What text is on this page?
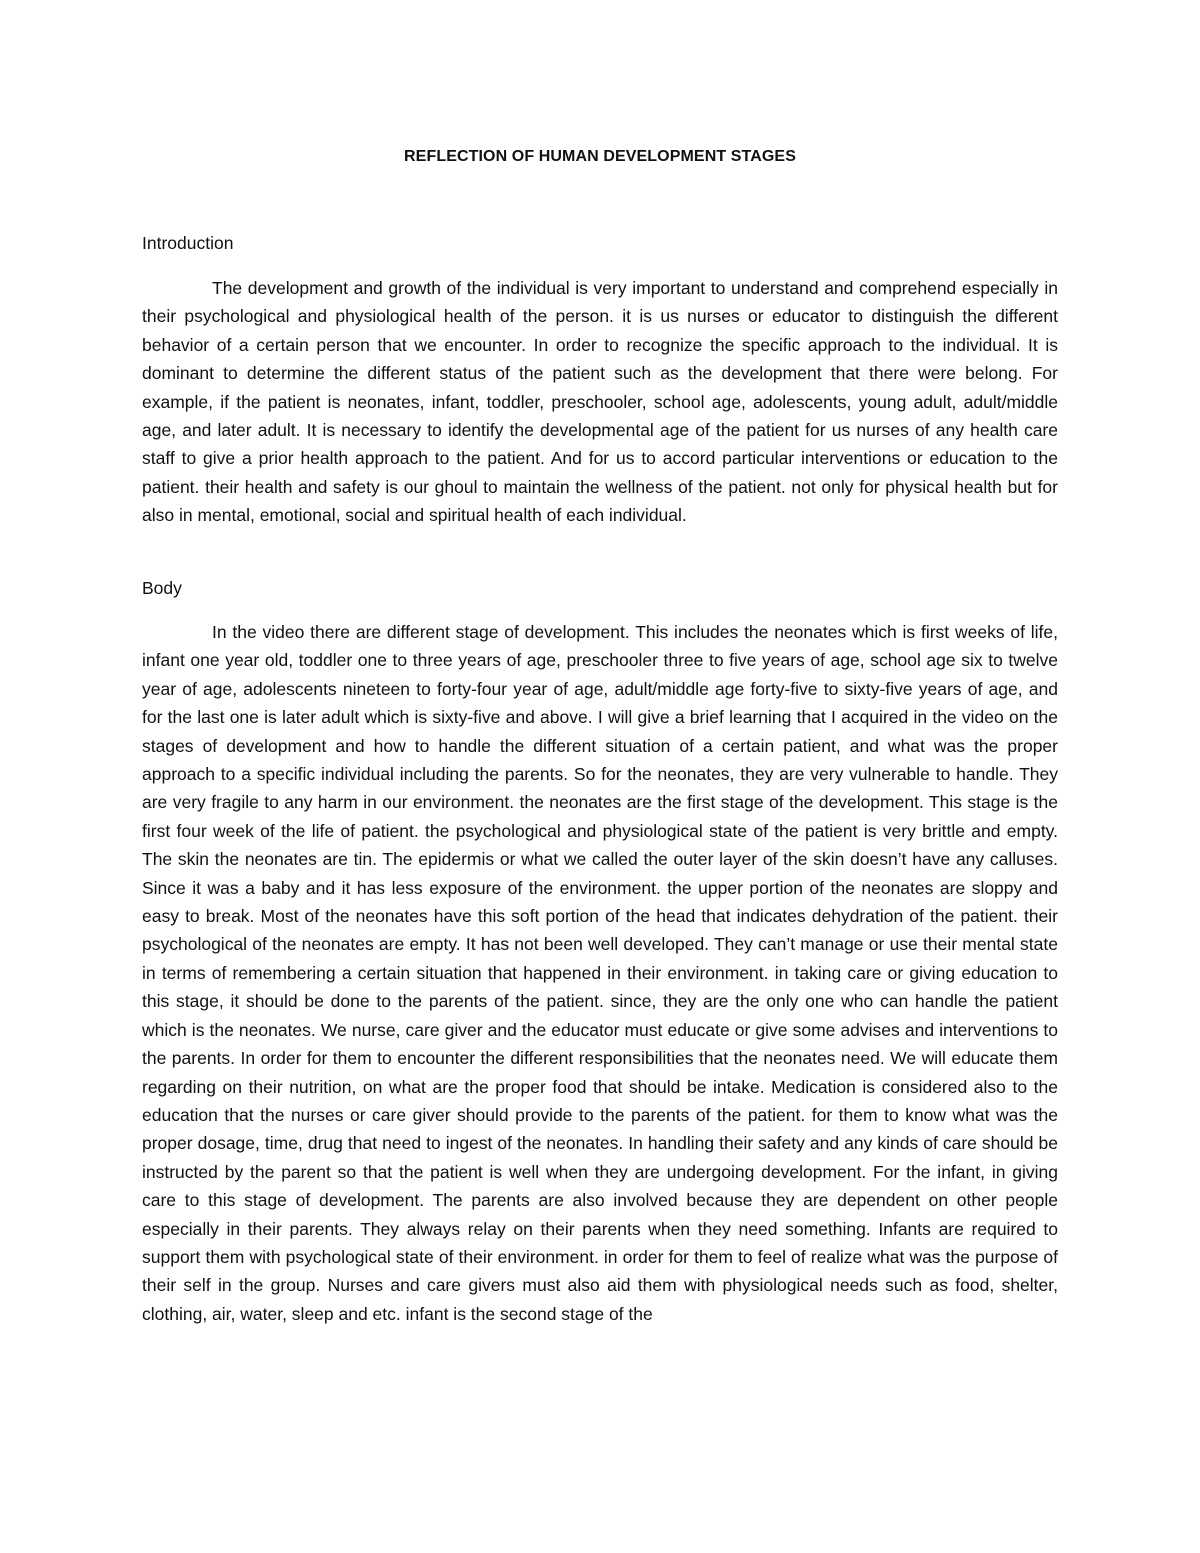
REFLECTION OF HUMAN DEVELOPMENT STAGES
Introduction

The development and growth of the individual is very important to understand and comprehend especially in their psychological and physiological health of the person. it is us nurses or educator to distinguish the different behavior of a certain person that we encounter. In order to recognize the specific approach to the individual. It is dominant to determine the different status of the patient such as the development that there were belong. For example, if the patient is neonates, infant, toddler, preschooler, school age, adolescents, young adult, adult/middle age, and later adult. It is necessary to identify the developmental age of the patient for us nurses of any health care staff to give a prior health approach to the patient. And for us to accord particular interventions or education to the patient. their health and safety is our ghoul to maintain the wellness of the patient. not only for physical health but for also in mental, emotional, social and spiritual health of each individual.

Body

In the video there are different stage of development. This includes the neonates which is first weeks of life, infant one year old, toddler one to three years of age, preschooler three to five years of age, school age six to twelve year of age, adolescents nineteen to forty-four year of age, adult/middle age forty-five to sixty-five years of age, and for the last one is later adult which is sixty-five and above. I will give a brief learning that I acquired in the video on the stages of development and how to handle the different situation of a certain patient, and what was the proper approach to a specific individual including the parents. So for the neonates, they are very vulnerable to handle. They are very fragile to any harm in our environment. the neonates are the first stage of the development. This stage is the first four week of the life of patient. the psychological and physiological state of the patient is very brittle and empty. The skin the neonates are tin. The epidermis or what we called the outer layer of the skin doesn’t have any calluses. Since it was a baby and it has less exposure of the environment. the upper portion of the neonates are sloppy and easy to break. Most of the neonates have this soft portion of the head that indicates dehydration of the patient. their psychological of the neonates are empty. It has not been well developed. They can’t manage or use their mental state in terms of remembering a certain situation that happened in their environment. in taking care or giving education to this stage, it should be done to the parents of the patient. since, they are the only one who can handle the patient which is the neonates. We nurse, care giver and the educator must educate or give some advises and interventions to the parents. In order for them to encounter the different responsibilities that the neonates need. We will educate them regarding on their nutrition, on what are the proper food that should be intake. Medication is considered also to the education that the nurses or care giver should provide to the parents of the patient. for them to know what was the proper dosage, time, drug that need to ingest of the neonates. In handling their safety and any kinds of care should be instructed by the parent so that the patient is well when they are undergoing development. For the infant, in giving care to this stage of development. The parents are also involved because they are dependent on other people especially in their parents. They always relay on their parents when they need something. Infants are required to support them with psychological state of their environment. in order for them to feel of realize what was the purpose of their self in the group. Nurses and care givers must also aid them with physiological needs such as food, shelter, clothing, air, water, sleep and etc. infant is the second stage of the
